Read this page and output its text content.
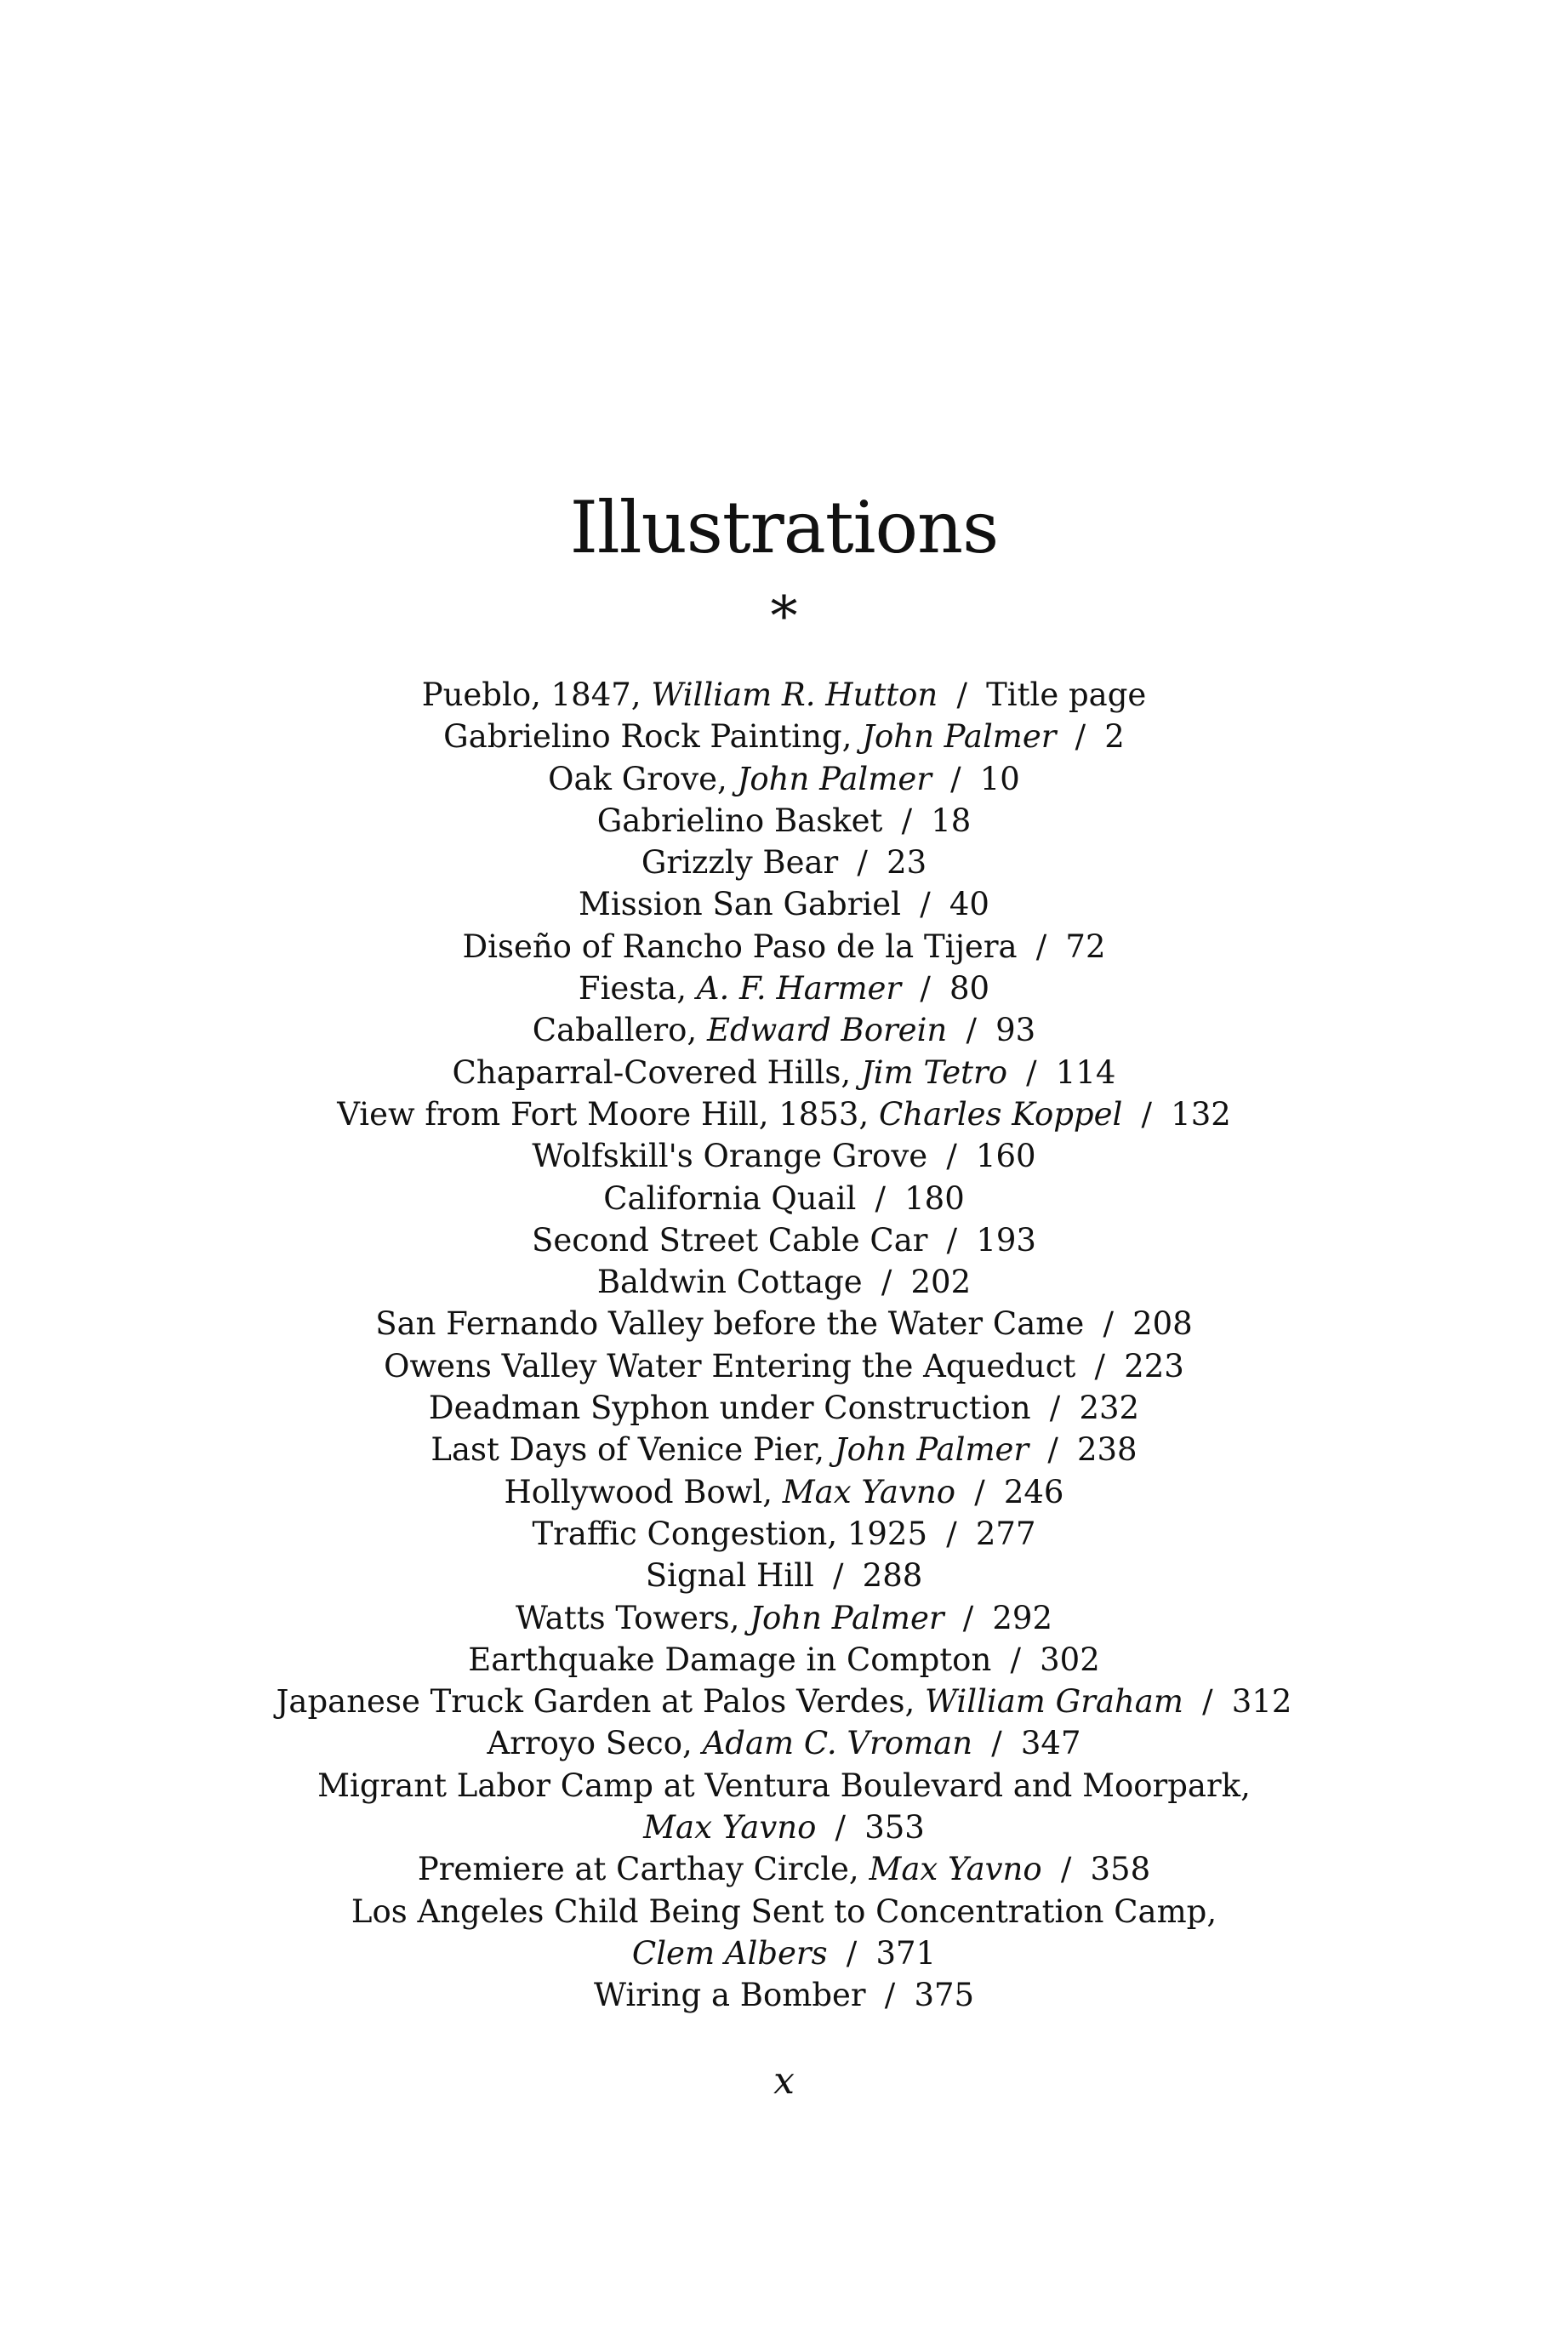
Illustrations
*
Pueblo, 1847, William R. Hutton / Title page
Gabrielino Rock Painting, John Palmer / 2
Oak Grove, John Palmer / 10
Gabrielino Basket / 18
Grizzly Bear / 23
Mission San Gabriel / 40
Diseño of Rancho Paso de la Tijera / 72
Fiesta, A. F. Harmer / 80
Caballero, Edward Borein / 93
Chaparral-Covered Hills, Jim Tetro / 114
View from Fort Moore Hill, 1853, Charles Koppel / 132
Wolfskill's Orange Grove / 160
California Quail / 180
Second Street Cable Car / 193
Baldwin Cottage / 202
San Fernando Valley before the Water Came / 208
Owens Valley Water Entering the Aqueduct / 223
Deadman Syphon under Construction / 232
Last Days of Venice Pier, John Palmer / 238
Hollywood Bowl, Max Yavno / 246
Traffic Congestion, 1925 / 277
Signal Hill / 288
Watts Towers, John Palmer / 292
Earthquake Damage in Compton / 302
Japanese Truck Garden at Palos Verdes, William Graham / 312
Arroyo Seco, Adam C. Vroman / 347
Migrant Labor Camp at Ventura Boulevard and Moorpark,
Max Yavno / 353
Premiere at Carthay Circle, Max Yavno / 358
Los Angeles Child Being Sent to Concentration Camp,
Clem Albers / 371
Wiring a Bomber / 375
x
